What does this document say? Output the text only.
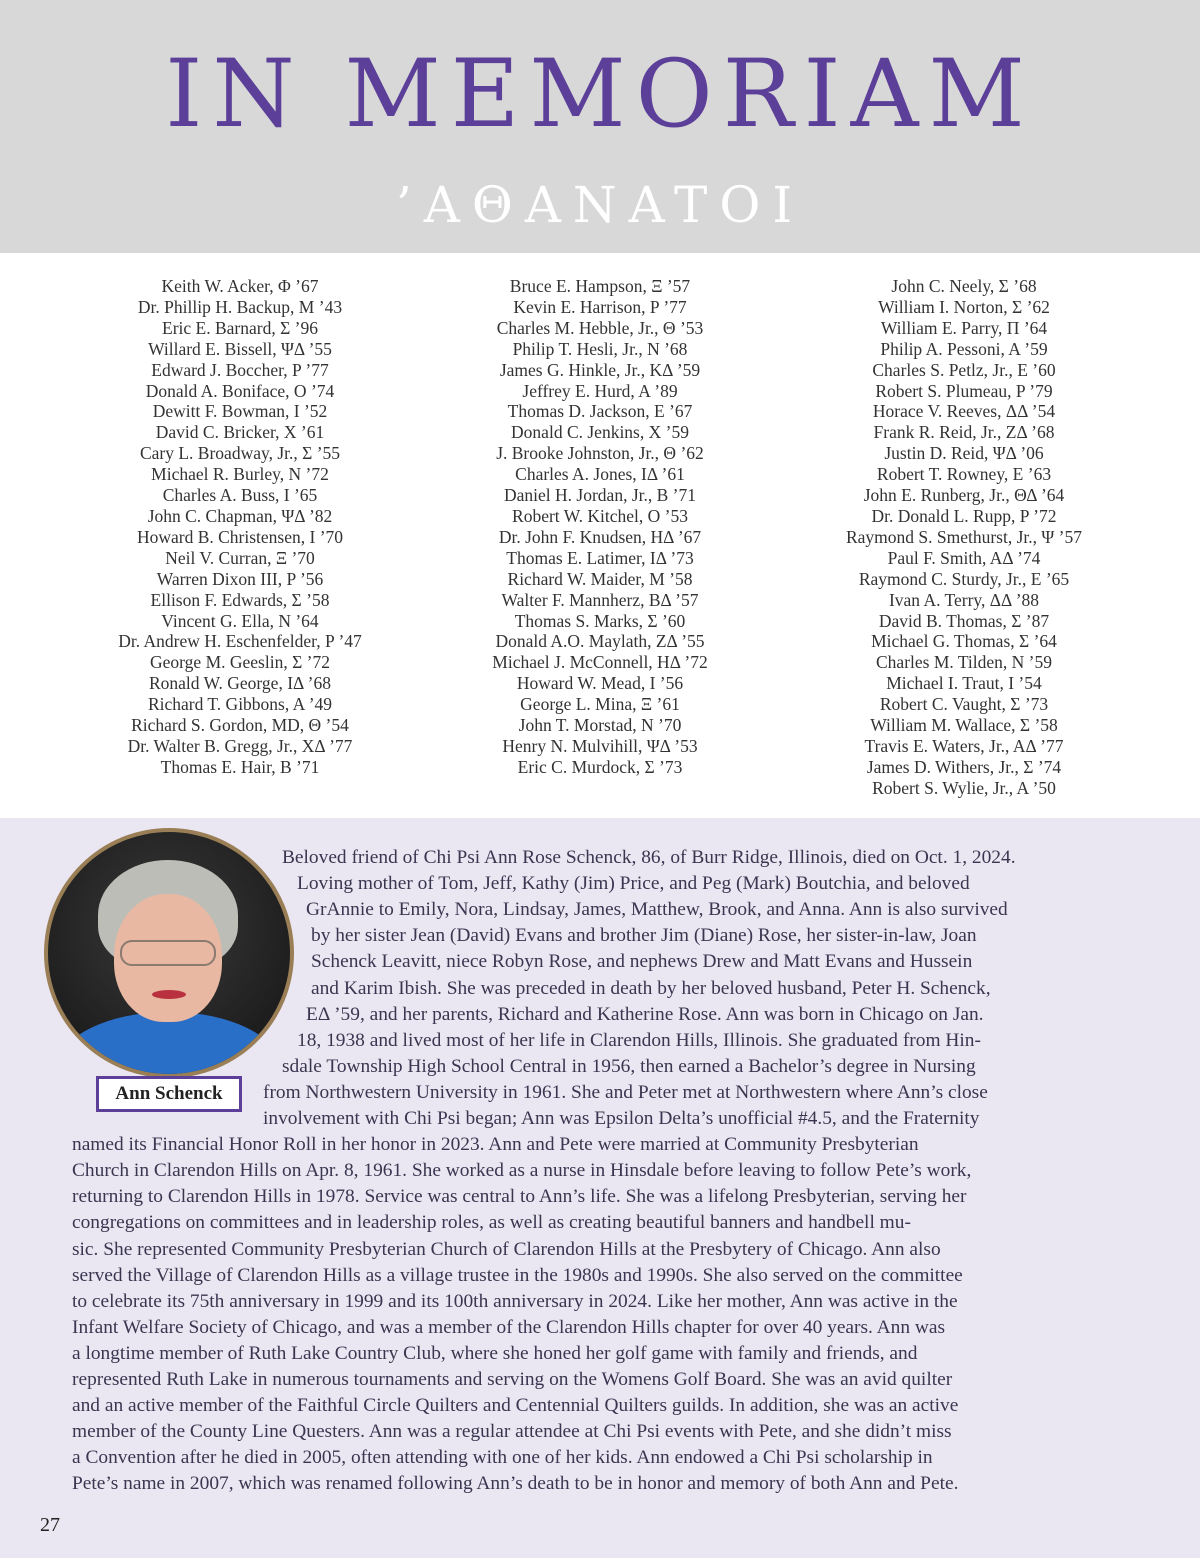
IN MEMORIAM
’AΘANATOI
Keith W. Acker, Φ ’67
Dr. Phillip H. Backup, M ’43
Eric E. Barnard, Σ ’96
Willard E. Bissell, ΨΔ ’55
Edward J. Boccher, P ’77
Donald A. Boniface, O ’74
Dewitt F. Bowman, I ’52
David C. Bricker, X ’61
Cary L. Broadway, Jr., Σ ’55
Michael R. Burley, N ’72
Charles A. Buss, I ’65
John C. Chapman, ΨΔ ’82
Howard B. Christensen, I ’70
Neil V. Curran, Ξ ’70
Warren Dixon III, P ’56
Ellison F. Edwards, Σ ’58
Vincent G. Ella, N ’64
Dr. Andrew H. Eschenfelder, P ’47
George M. Geeslin, Σ ’72
Ronald W. George, IΔ ’68
Richard T. Gibbons, A ’49
Richard S. Gordon, MD, Θ ’54
Dr. Walter B. Gregg, Jr., XΔ ’77
Thomas E. Hair, B ’71
Bruce E. Hampson, Ξ ’57
Kevin E. Harrison, P ’77
Charles M. Hebble, Jr., Θ ’53
Philip T. Hesli, Jr., N ’68
James G. Hinkle, Jr., KΔ ’59
Jeffrey E. Hurd, A ’89
Thomas D. Jackson, E ’67
Donald C. Jenkins, X ’59
J. Brooke Johnston, Jr., Θ ’62
Charles A. Jones, IΔ ’61
Daniel H. Jordan, Jr., B ’71
Robert W. Kitchel, O ’53
Dr. John F. Knudsen, HΔ ’67
Thomas E. Latimer, IΔ ’73
Richard W. Maider, M ’58
Walter F. Mannherz, BΔ ’57
Thomas S. Marks, Σ ’60
Donald A.O. Maylath, ZΔ ’55
Michael J. McConnell, HΔ ’72
Howard W. Mead, I ’56
George L. Mina, Ξ ’61
John T. Morstad, N ’70
Henry N. Mulvihill, ΨΔ ’53
Eric C. Murdock, Σ ’73
John C. Neely, Σ ’68
William I. Norton, Σ ’62
William E. Parry, Π ’64
Philip A. Pessoni, A ’59
Charles S. Petlz, Jr., E ’60
Robert S. Plumeau, P ’79
Horace V. Reeves, ΔΔ ’54
Frank R. Reid, Jr., ZΔ ’68
Justin D. Reid, ΨΔ ’06
Robert T. Rowney, E ’63
John E. Runberg, Jr., ΘΔ ’64
Dr. Donald L. Rupp, P ’72
Raymond S. Smethurst, Jr., Ψ ’57
Paul F. Smith, AΔ ’74
Raymond C. Sturdy, Jr., E ’65
Ivan A. Terry, ΔΔ ’88
David B. Thomas, Σ ’87
Michael G. Thomas, Σ ’64
Charles M. Tilden, N ’59
Michael I. Traut, I ’54
Robert C. Vaught, Σ ’73
William M. Wallace, Σ ’58
Travis E. Waters, Jr., AΔ ’77
James D. Withers, Jr., Σ ’74
Robert S. Wylie, Jr., A ’50
Ann Schenck
Beloved friend of Chi Psi Ann Rose Schenck, 86, of Burr Ridge, Illinois, died on Oct. 1, 2024.
Loving mother of Tom, Jeff, Kathy (Jim) Price, and Peg (Mark) Boutchia, and beloved
GrAnnie to Emily, Nora, Lindsay, James, Matthew, Brook, and Anna. Ann is also survived
by her sister Jean (David) Evans and brother Jim (Diane) Rose, her sister-in-law, Joan
Schenck Leavitt, niece Robyn Rose, and nephews Drew and Matt Evans and Hussein
and Karim Ibish. She was preceded in death by her beloved husband, Peter H. Schenck,
EΔ ’59, and her parents, Richard and Katherine Rose. Ann was born in Chicago on Jan.
18, 1938 and lived most of her life in Clarendon Hills, Illinois. She graduated from Hin-
sdale Township High School Central in 1956, then earned a Bachelor’s degree in Nursing
from Northwestern University in 1961. She and Peter met at Northwestern where Ann’s close
involvement with Chi Psi began; Ann was Epsilon Delta’s unofficial #4.5, and the Fraternity
named its Financial Honor Roll in her honor in 2023. Ann and Pete were married at Community Presbyterian
Church in Clarendon Hills on Apr. 8, 1961. She worked as a nurse in Hinsdale before leaving to follow Pete’s work,
returning to Clarendon Hills in 1978. Service was central to Ann’s life. She was a lifelong Presbyterian, serving her
congregations on committees and in leadership roles, as well as creating beautiful banners and handbell mu-
sic. She represented Community Presbyterian Church of Clarendon Hills at the Presbytery of Chicago. Ann also
served the Village of Clarendon Hills as a village trustee in the 1980s and 1990s. She also served on the committee
to celebrate its 75th anniversary in 1999 and its 100th anniversary in 2024. Like her mother, Ann was active in the
Infant Welfare Society of Chicago, and was a member of the Clarendon Hills chapter for over 40 years. Ann was
a longtime member of Ruth Lake Country Club, where she honed her golf game with family and friends, and
represented Ruth Lake in numerous tournaments and serving on the Womens Golf Board. She was an avid quilter
and an active member of the Faithful Circle Quilters and Centennial Quilters guilds. In addition, she was an active
member of the County Line Questers. Ann was a regular attendee at Chi Psi events with Pete, and she didn’t miss
a Convention after he died in 2005, often attending with one of her kids. Ann endowed a Chi Psi scholarship in
Pete’s name in 2007, which was renamed following Ann’s death to be in honor and memory of both Ann and Pete.
27
